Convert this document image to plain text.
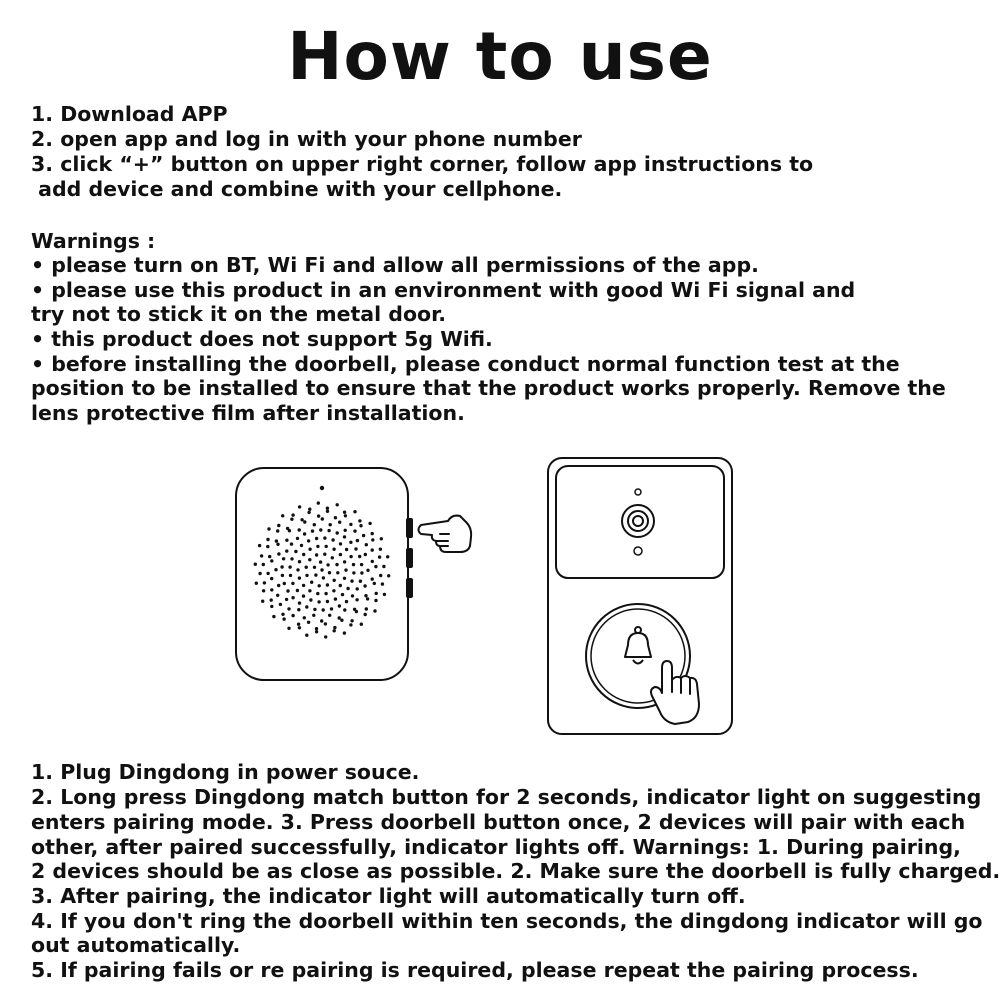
How to use
1. Download APP
2. open app and log in with your phone number
3. click “+” button on upper right corner, follow app instructions to
add device and combine with your cellphone.
Warnings :
• please turn on BT, Wi Fi and allow all permissions of the app.
• please use this product in an environment with good Wi Fi signal and
try not to stick it on the metal door.
• this product does not support 5g Wifi.
• before installing the doorbell, please conduct normal function test at the
position to be installed to ensure that the product works properly. Remove the
lens protective film after installation.
1. Plug Dingdong in power souce.
2. Long press Dingdong match button for 2 seconds, indicator light on suggesting
enters pairing mode. 3. Press doorbell button once, 2 devices will pair with each
other, after paired successfully, indicator lights off. Warnings: 1. During pairing,
2 devices should be as close as possible. 2. Make sure the doorbell is fully charged.
3. After pairing, the indicator light will automatically turn off.
4. If you don't ring the doorbell within ten seconds, the dingdong indicator will go
out automatically.
5. If pairing fails or re pairing is required, please repeat the pairing process.
